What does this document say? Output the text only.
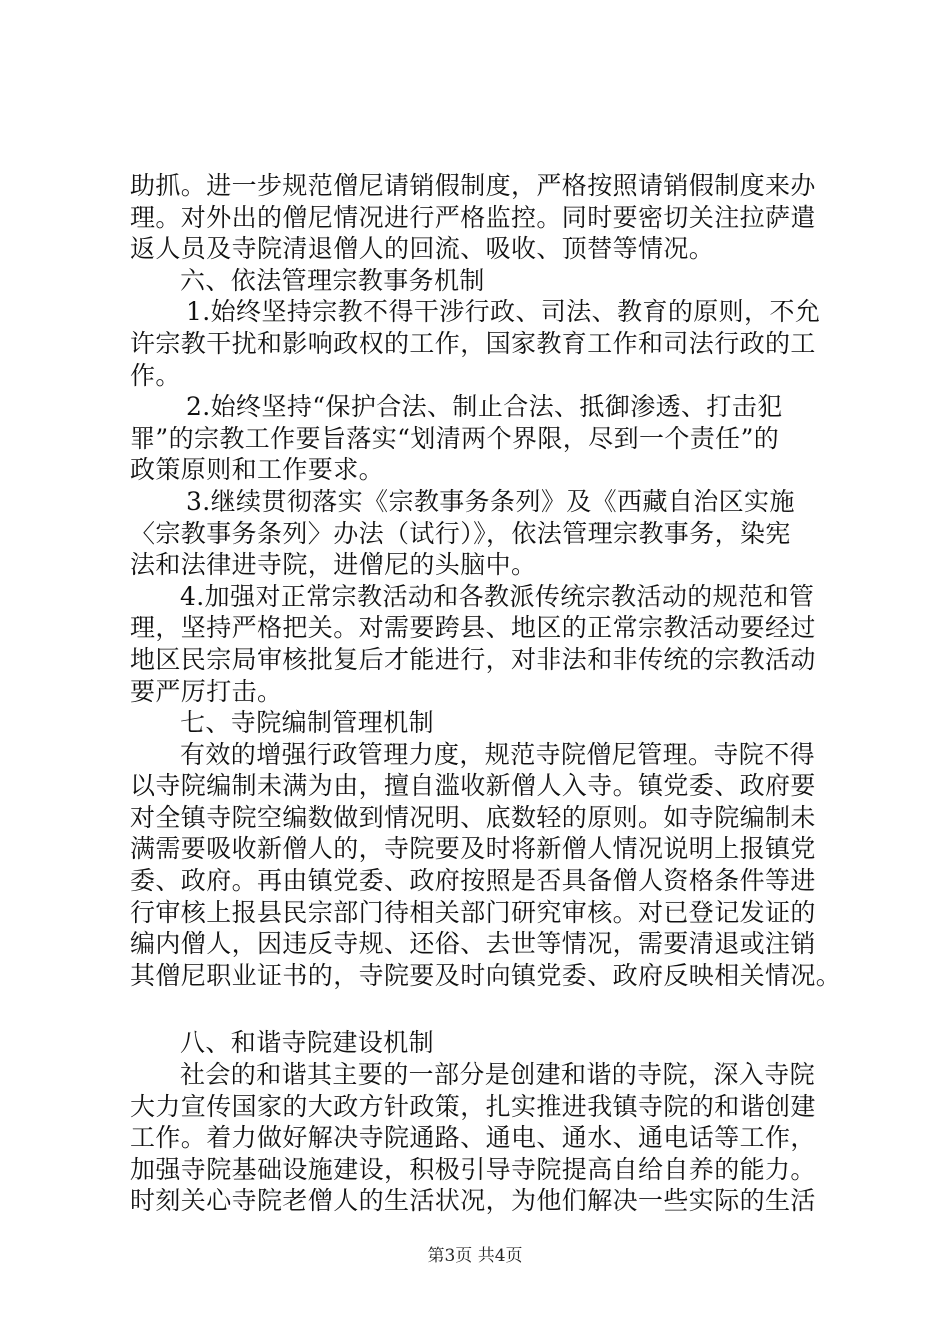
助抓。进一步规范僧尼请销假制度，严格按照请销假制度来办
理。对外出的僧尼情况进行严格监控。同时要密切关注拉萨遣
返人员及寺院清退僧人的回流、吸收、顶替等情况。
六、依法管理宗教事务机制
1.始终坚持宗教不得干涉行政、司法、教育的原则，不允
许宗教干扰和影响政权的工作，国家教育工作和司法行政的工
作。
2.始终坚持“保护合法、制止合法、抵御渗透、打击犯
罪”的宗教工作要旨落实“划清两个界限，尽到一个责任”的
政策原则和工作要求。
3.继续贯彻落实《宗教事务条列》及《西藏自治区实施
〈宗教事务条列〉办法（试行）》，依法管理宗教事务，染宪
法和法律进寺院，进僧尼的头脑中。
4.加强对正常宗教活动和各教派传统宗教活动的规范和管
理，坚持严格把关。对需要跨县、地区的正常宗教活动要经过
地区民宗局审核批复后才能进行，对非法和非传统的宗教活动
要严厉打击。
七、寺院编制管理机制
有效的增强行政管理力度，规范寺院僧尼管理。寺院不得
以寺院编制未满为由，擅自滥收新僧人入寺。镇党委、政府要
对全镇寺院空编数做到情况明、底数轻的原则。如寺院编制未
满需要吸收新僧人的，寺院要及时将新僧人情况说明上报镇党
委、政府。再由镇党委、政府按照是否具备僧人资格条件等进
行审核上报县民宗部门待相关部门研究审核。对已登记发证的
编内僧人，因违反寺规、还俗、去世等情况，需要清退或注销
其僧尼职业证书的，寺院要及时向镇党委、政府反映相关情况。
八、和谐寺院建设机制
社会的和谐其主要的一部分是创建和谐的寺院，深入寺院
大力宣传国家的大政方针政策，扎实推进我镇寺院的和谐创建
工作。着力做好解决寺院通路、通电、通水、通电话等工作，
加强寺院基础设施建设，积极引导寺院提高自给自养的能力。
时刻关心寺院老僧人的生活状况，为他们解决一些实际的生活
第3页 共4页
